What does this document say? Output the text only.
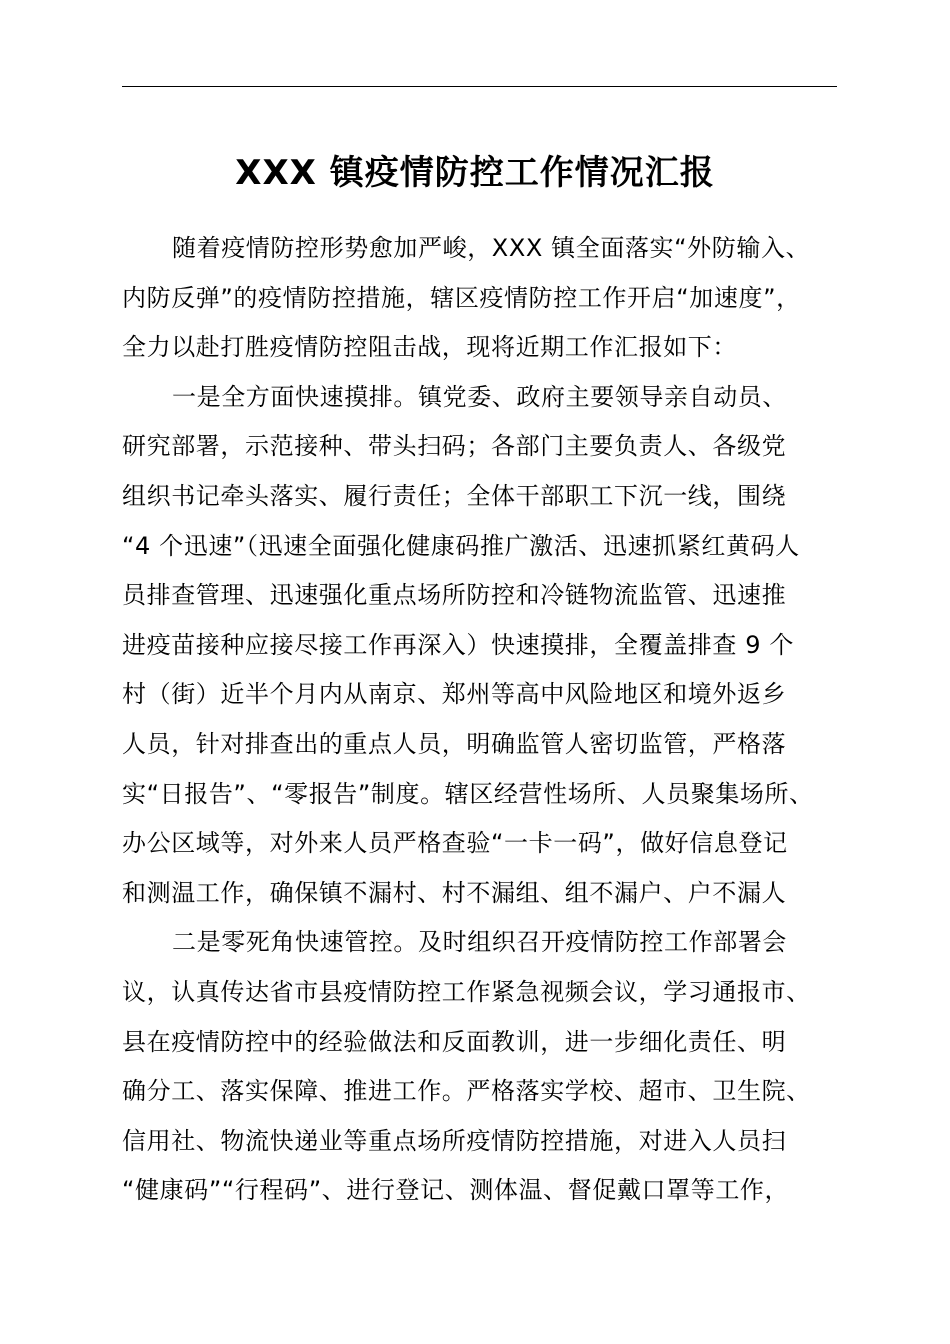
XXX 镇疫情防控工作情况汇报
随着疫情防控形势愈加严峻，XXX 镇全面落实“外防输入、
内防反弹”的疫情防控措施，辖区疫情防控工作开启“加速度”，
全力以赴打胜疫情防控阻击战，现将近期工作汇报如下：
一是全方面快速摸排。镇党委、政府主要领导亲自动员、
研究部署，示范接种、带头扫码；各部门主要负责人、各级党
组织书记牵头落实、履行责任；全体干部职工下沉一线，围绕
“4 个迅速”（迅速全面强化健康码推广激活、迅速抓紧红黄码人
员排查管理、迅速强化重点场所防控和冷链物流监管、迅速推
进疫苗接种应接尽接工作再深入）快速摸排，全覆盖排查 9 个
村（街）近半个月内从南京、郑州等高中风险地区和境外返乡
人员，针对排查出的重点人员，明确监管人密切监管，严格落
实“日报告”、“零报告”制度。辖区经营性场所、人员聚集场所、
办公区域等，对外来人员严格查验“一卡一码”，做好信息登记
和测温工作，确保镇不漏村、村不漏组、组不漏户、户不漏人
二是零死角快速管控。及时组织召开疫情防控工作部署会
议，认真传达省市县疫情防控工作紧急视频会议，学习通报市、
县在疫情防控中的经验做法和反面教训，进一步细化责任、明
确分工、落实保障、推进工作。严格落实学校、超市、卫生院、
信用社、物流快递业等重点场所疫情防控措施，对进入人员扫
“健康码”“行程码”、进行登记、测体温、督促戴口罩等工作，
